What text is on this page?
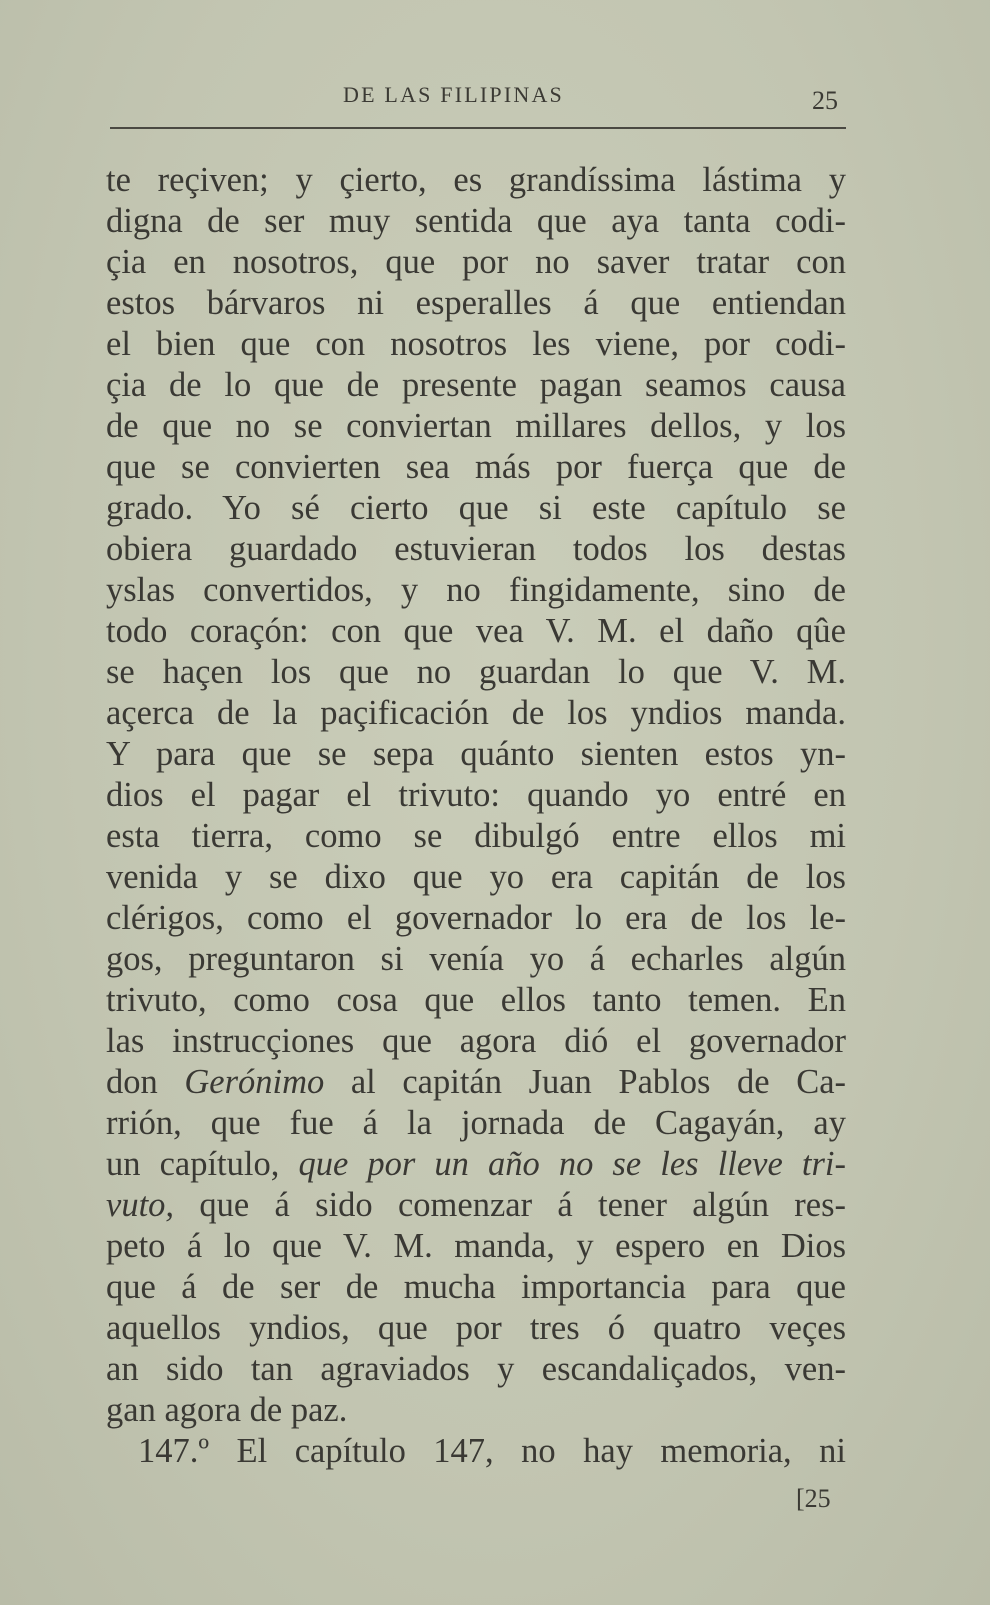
DE LAS FILIPINAS	25
te reçiven; y çierto, es grandíssima lástima y
digna de ser muy sentida que aya tanta codi-
çia en nosotros, que por no saver tratar con
estos bárvaros ni esperalles á que entiendan
el bien que con nosotros les viene, por codi-
çia de lo que de presente pagan seamos causa
de que no se conviertan millares dellos, y los
que se convierten sea más por fuerça que de
grado. Yo sé cierto que si este capítulo se
obiera guardado estuvieran todos los destas
yslas convertidos, y no fingidamente, sino de
todo coraçón: con que vea V. M. el daño qûe
se haçen los que no guardan lo que V. M.
açerca de la paçificación de los yndios manda.
Y para que se sepa quánto sienten estos yn-
dios el pagar el trivuto: quando yo entré en
esta tierra, como se dibulgó entre ellos mi
venida y se dixo que yo era capitán de los
clérigos, como el governador lo era de los le-
gos, preguntaron si venía yo á echarles algún
trivuto, como cosa que ellos tanto temen. En
las instrucçiones que agora dió el governador
don Gerónimo al capitán Juan Pablos de Ca-
rrión, que fue á la jornada de Cagayán, ay
un capítulo, que por un año no se les lleve tri-
vuto, que á sido comenzar á tener algún res-
peto á lo que V. M. manda, y espero en Dios
que á de ser de mucha importancia para que
aquellos yndios, que por tres ó quatro veçes
an sido tan agraviados y escandaliçados, ven-
gan agora de paz.
147.º El capítulo 147, no hay memoria, ni
[25
